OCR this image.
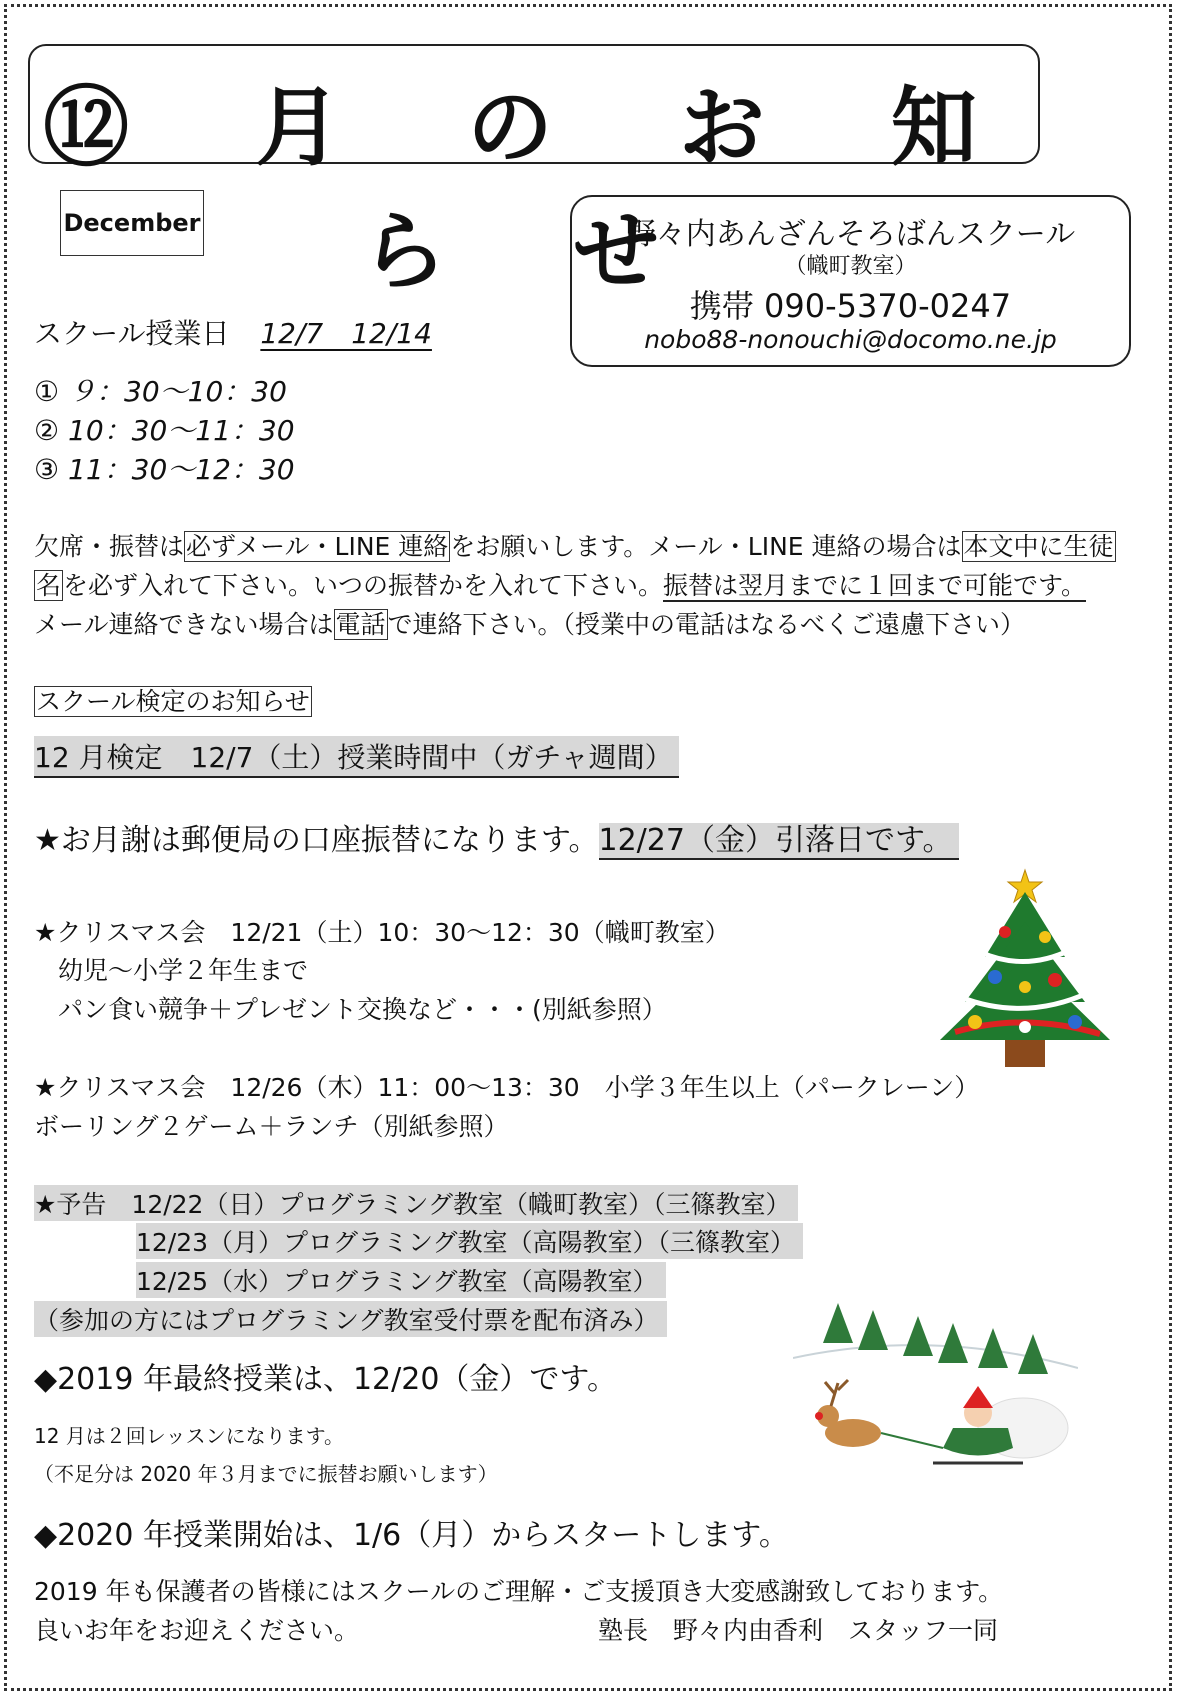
⑫ 月 の お 知 ら せ
December	野々内あんざんそろばんスクール
（幟町教室）
携帯 090-5370-0247
nobo88-nonouchi@docomo.ne.jp
スクール授業日 12/7　12/14
① ９：30～10：30
② 10：30～11：30
③ 11：30～12：30
欠席・振替は必ずメール・LINE 連絡をお願いします。メール・LINE 連絡の場合は本文中に生徒
名を必ず入れて下さい。いつの振替かを入れて下さい。振替は翌月までに１回まで可能です。
メール連絡できない場合は電話で連絡下さい。（授業中の電話はなるべくご遠慮下さい）
スクール検定のお知らせ
12 月検定　12/7（土）授業時間中（ガチャ週間）
★お月謝は郵便局の口座振替になります。12/27（金）引落日です。
★クリスマス会　12/21（土）10：30～12：30（幟町教室）
幼児～小学２年生まで
パン食い競争＋プレゼント交換など・・・(別紙参照）
★クリスマス会　12/26（木）11：00～13：30　小学３年生以上（パークレーン）
ボーリング２ゲーム＋ランチ（別紙参照）
★予告　12/22（日）プログラミング教室（幟町教室）（三篠教室）
12/23（月）プログラミング教室（高陽教室）（三篠教室）
12/25（水）プログラミング教室（高陽教室）
（参加の方にはプログラミング教室受付票を配布済み）
◆2019 年最終授業は、12/20（金）です。
12 月は２回レッスンになります。
（不足分は 2020 年３月までに振替お願いします）
◆2020 年授業開始は、1/6（月）からスタートします。
2019 年も保護者の皆様にはスクールのご理解・ご支援頂き大変感謝致しております。
良いお年をお迎えください。	塾長　野々内由香利　スタッフ一同
